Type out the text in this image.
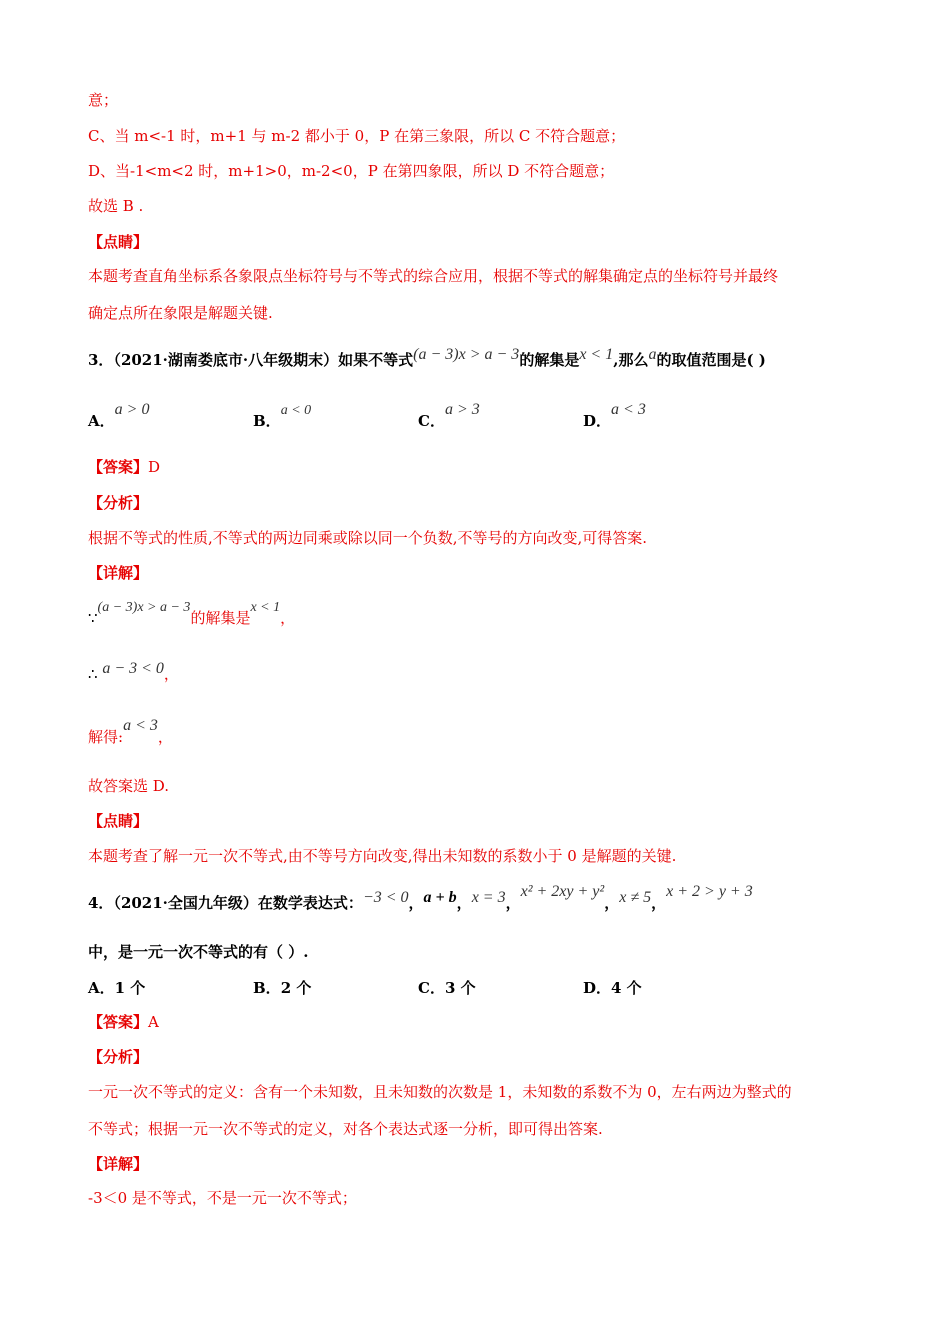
意；
C、当 m<-1 时，m+1 与 m-2 都小于 0，P 在第三象限，所以 C 不符合题意；
D、当-1<m<2 时，m+1>0，m-2<0，P 在第四象限，所以 D 不符合题意；
故选 B .
【点睛】
本题考查直角坐标系各象限点坐标符号与不等式的综合应用，根据不等式的解集确定点的坐标符号并最终
确定点所在象限是解题关键.
3．（2021·湖南娄底市·八年级期末）如果不等式(a − 3)x > a − 3的解集是x < 1,那么a的取值范围是( )
A．a > 0
B．a < 0
C．a > 3
D．a < 3
【答案】D
【分析】
根据不等式的性质,不等式的两边同乘或除以同一个负数,不等号的方向改变,可得答案.
【详解】
∵(a − 3)x > a − 3的解集是x < 1，
∴ a − 3 < 0，
解得:a < 3，
故答案选 D.
【点睛】
本题考查了解一元一次不等式,由不等号方向改变,得出未知数的系数小于 0 是解题的关键.
4．（2021·全国九年级）在数学表达式：−3 < 0，a + b，x = 3，x² + 2xy + y²，x ≠ 5，x + 2 > y + 3
中，是一元一次不等式的有（ ）.
A．1 个	B．2 个	C．3 个	D．4 个
【答案】A
【分析】
一元一次不等式的定义：含有一个未知数，且未知数的次数是 1，未知数的系数不为 0，左右两边为整式的
不等式；根据一元一次不等式的定义，对各个表达式逐一分析，即可得出答案.
【详解】
-3＜0 是不等式，不是一元一次不等式；
